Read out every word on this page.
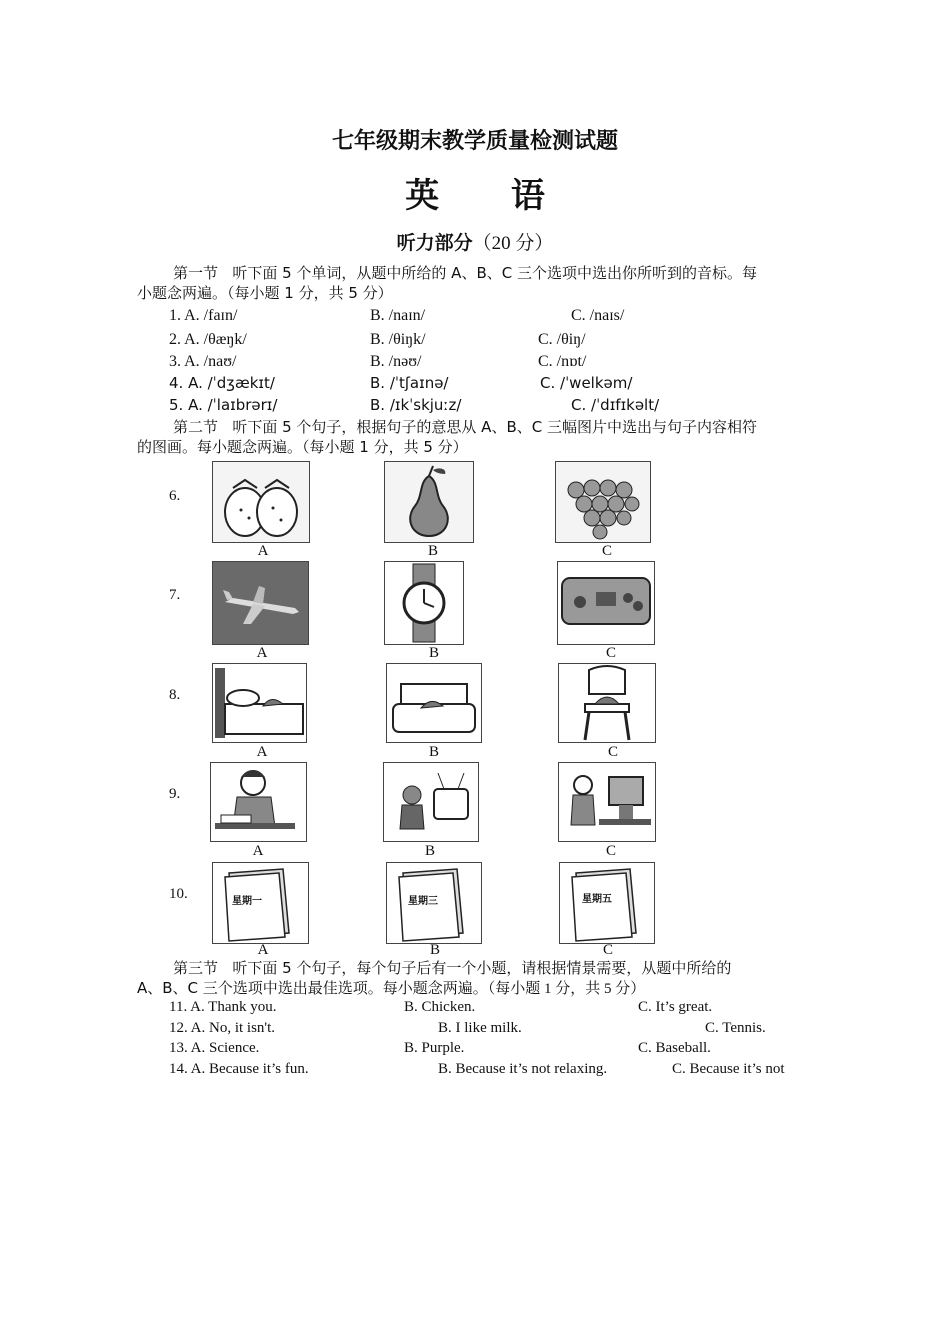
七年级期末教学质量检测试题
英 语
听力部分（20 分）
第一节 听下面 5 个单词，从题中所给的 A、B、C 三个选项中选出你所听到的音标。每
小题念两遍。（每小题 1 分，共 5 分）
1. A. /faɪn/	B. /naɪn/	C. /naɪs/
2. A. /θæŋk/	B. /θiŋk/	C. /θiŋ/
3. A. /naʊ/	B. /nəʊ/	C. /nɒt/
4. A. /ˈdʒækɪt/	B. /ˈtʃaɪnə/	C. /ˈwelkəm/
5. A. /ˈlaɪbrərɪ/	B. /ɪkˈskjuːz/	C. /ˈdɪfɪkəlt/
第二节 听下面 5 个句子，根据句子的意思从 A、B、C 三幅图片中选出与句子内容相符
的图画。每小题念两遍。（每小题 1 分，共 5 分）
6.
A	B	C
7.
A	B	C
8.
A	B	C
9.
A	B	C
10.	星期一	星期三	星期五
A	B	C
第三节 听下面 5 个句子，每个句子后有一个小题，请根据情景需要，从题中所给的
A、B、C 三个选项中选出最佳选项。每小题念两遍。（每小题 1 分，共 5 分）
11. A. Thank you.	B. Chicken.	C. It’s great.
12. A. No, it isn't.	B. I like milk.	C. Tennis.
13. A. Science.	B. Purple.	C. Baseball.
14. A. Because it’s fun.	B. Because it’s not relaxing.	C. Because it’s not
